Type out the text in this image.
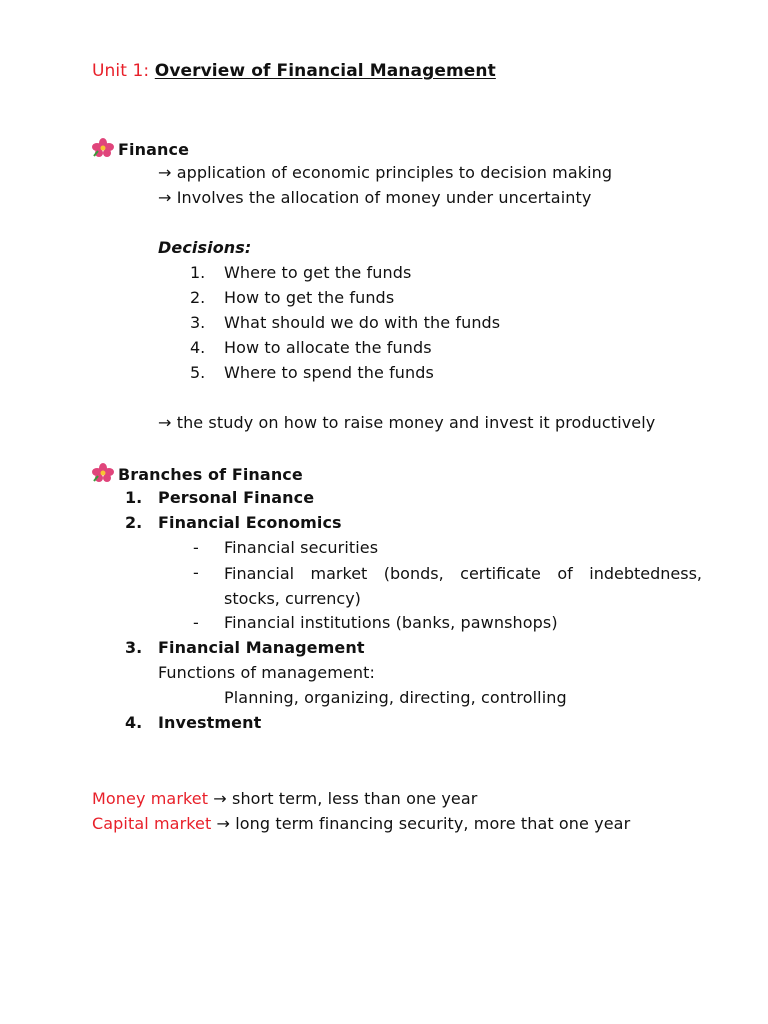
Unit 1: Overview of Financial Management
Finance
→ application of economic principles to decision making
→ Involves the allocation of money under uncertainty
Decisions:
1. Where to get the funds
2. How to get the funds
3. What should we do with the funds
4. How to allocate the funds
5. Where to spend the funds
→ the study on how to raise money and invest it productively
Branches of Finance
1. Personal Finance
2. Financial Economics
- Financial securities
- Financial market (bonds, certificate of indebtedness, stocks, currency)
- Financial institutions (banks, pawnshops)
3. Financial Management
Functions of management:
Planning, organizing, directing, controlling
4. Investment
Money market → short term, less than one year
Capital market → long term financing security, more that one year
